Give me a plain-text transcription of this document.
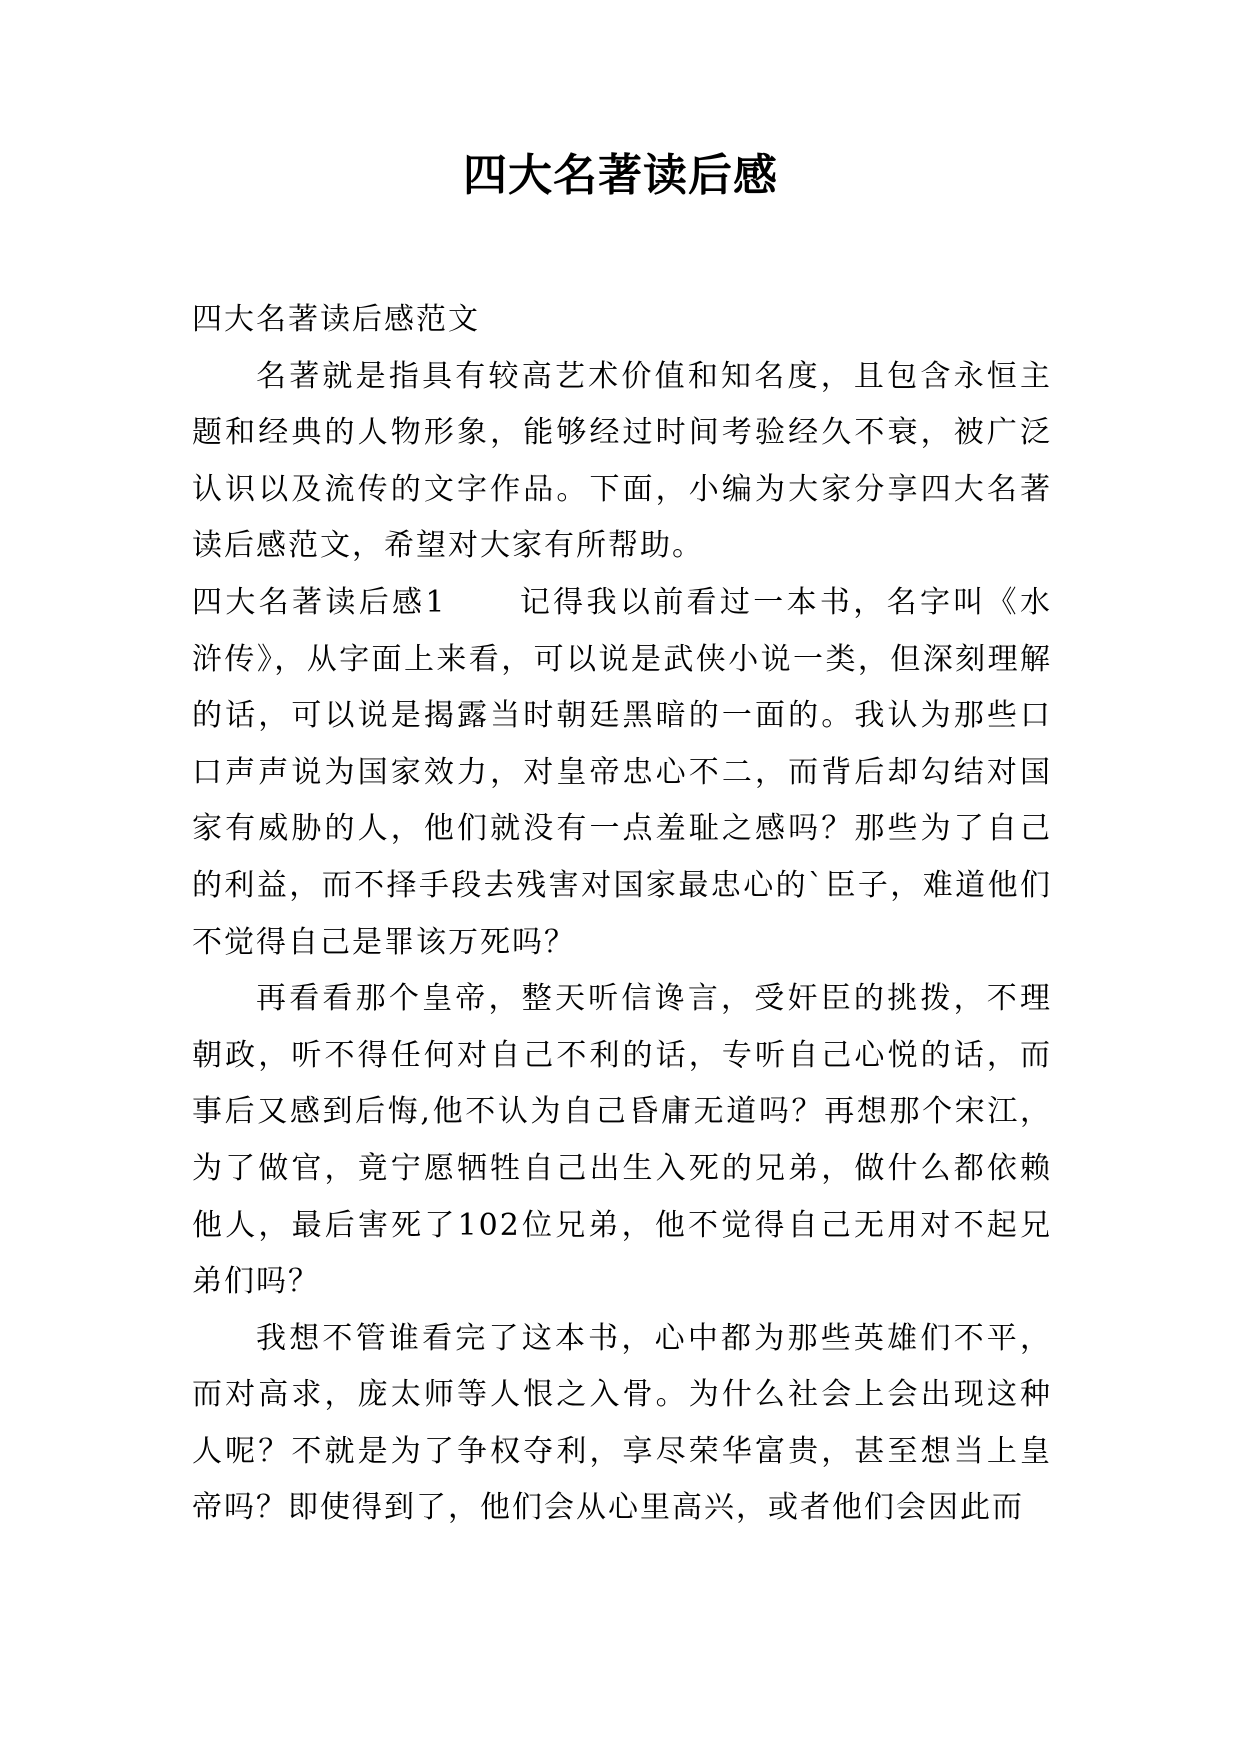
四大名著读后感

四大名著读后感范文

名著就是指具有较高艺术价值和知名度，且包含永恒主题和经典的人物形象，能够经过时间考验经久不衰，被广泛认识以及流传的文字作品。下面，小编为大家分享四大名著读后感范文，希望对大家有所帮助。

四大名著读后感1 记得我以前看过一本书，名字叫《水浒传》，从字面上来看，可以说是武侠小说一类，但深刻理解的话，可以说是揭露当时朝廷黑暗的一面的。我认为那些口口声声说为国家效力，对皇帝忠心不二，而背后却勾结对国家有威胁的人，他们就没有一点羞耻之感吗？那些为了自己的利益，而不择手段去残害对国家最忠心的`臣子，难道他们不觉得自己是罪该万死吗？

再看看那个皇帝，整天听信谗言，受奸臣的挑拨，不理朝政，听不得任何对自己不利的话，专听自己心悦的话，而事后又感到后悔,他不认为自己昏庸无道吗？再想那个宋江，为了做官，竟宁愿牺牲自己出生入死的兄弟，做什么都依赖他人，最后害死了102位兄弟，他不觉得自己无用对不起兄弟们吗？

我想不管谁看完了这本书，心中都为那些英雄们不平，而对高求，庞太师等人恨之入骨。为什么社会上会出现这种人呢？不就是为了争权夺利，享尽荣华富贵，甚至想当上皇帝吗？即使得到了，他们会从心里高兴，或者他们会因此而
